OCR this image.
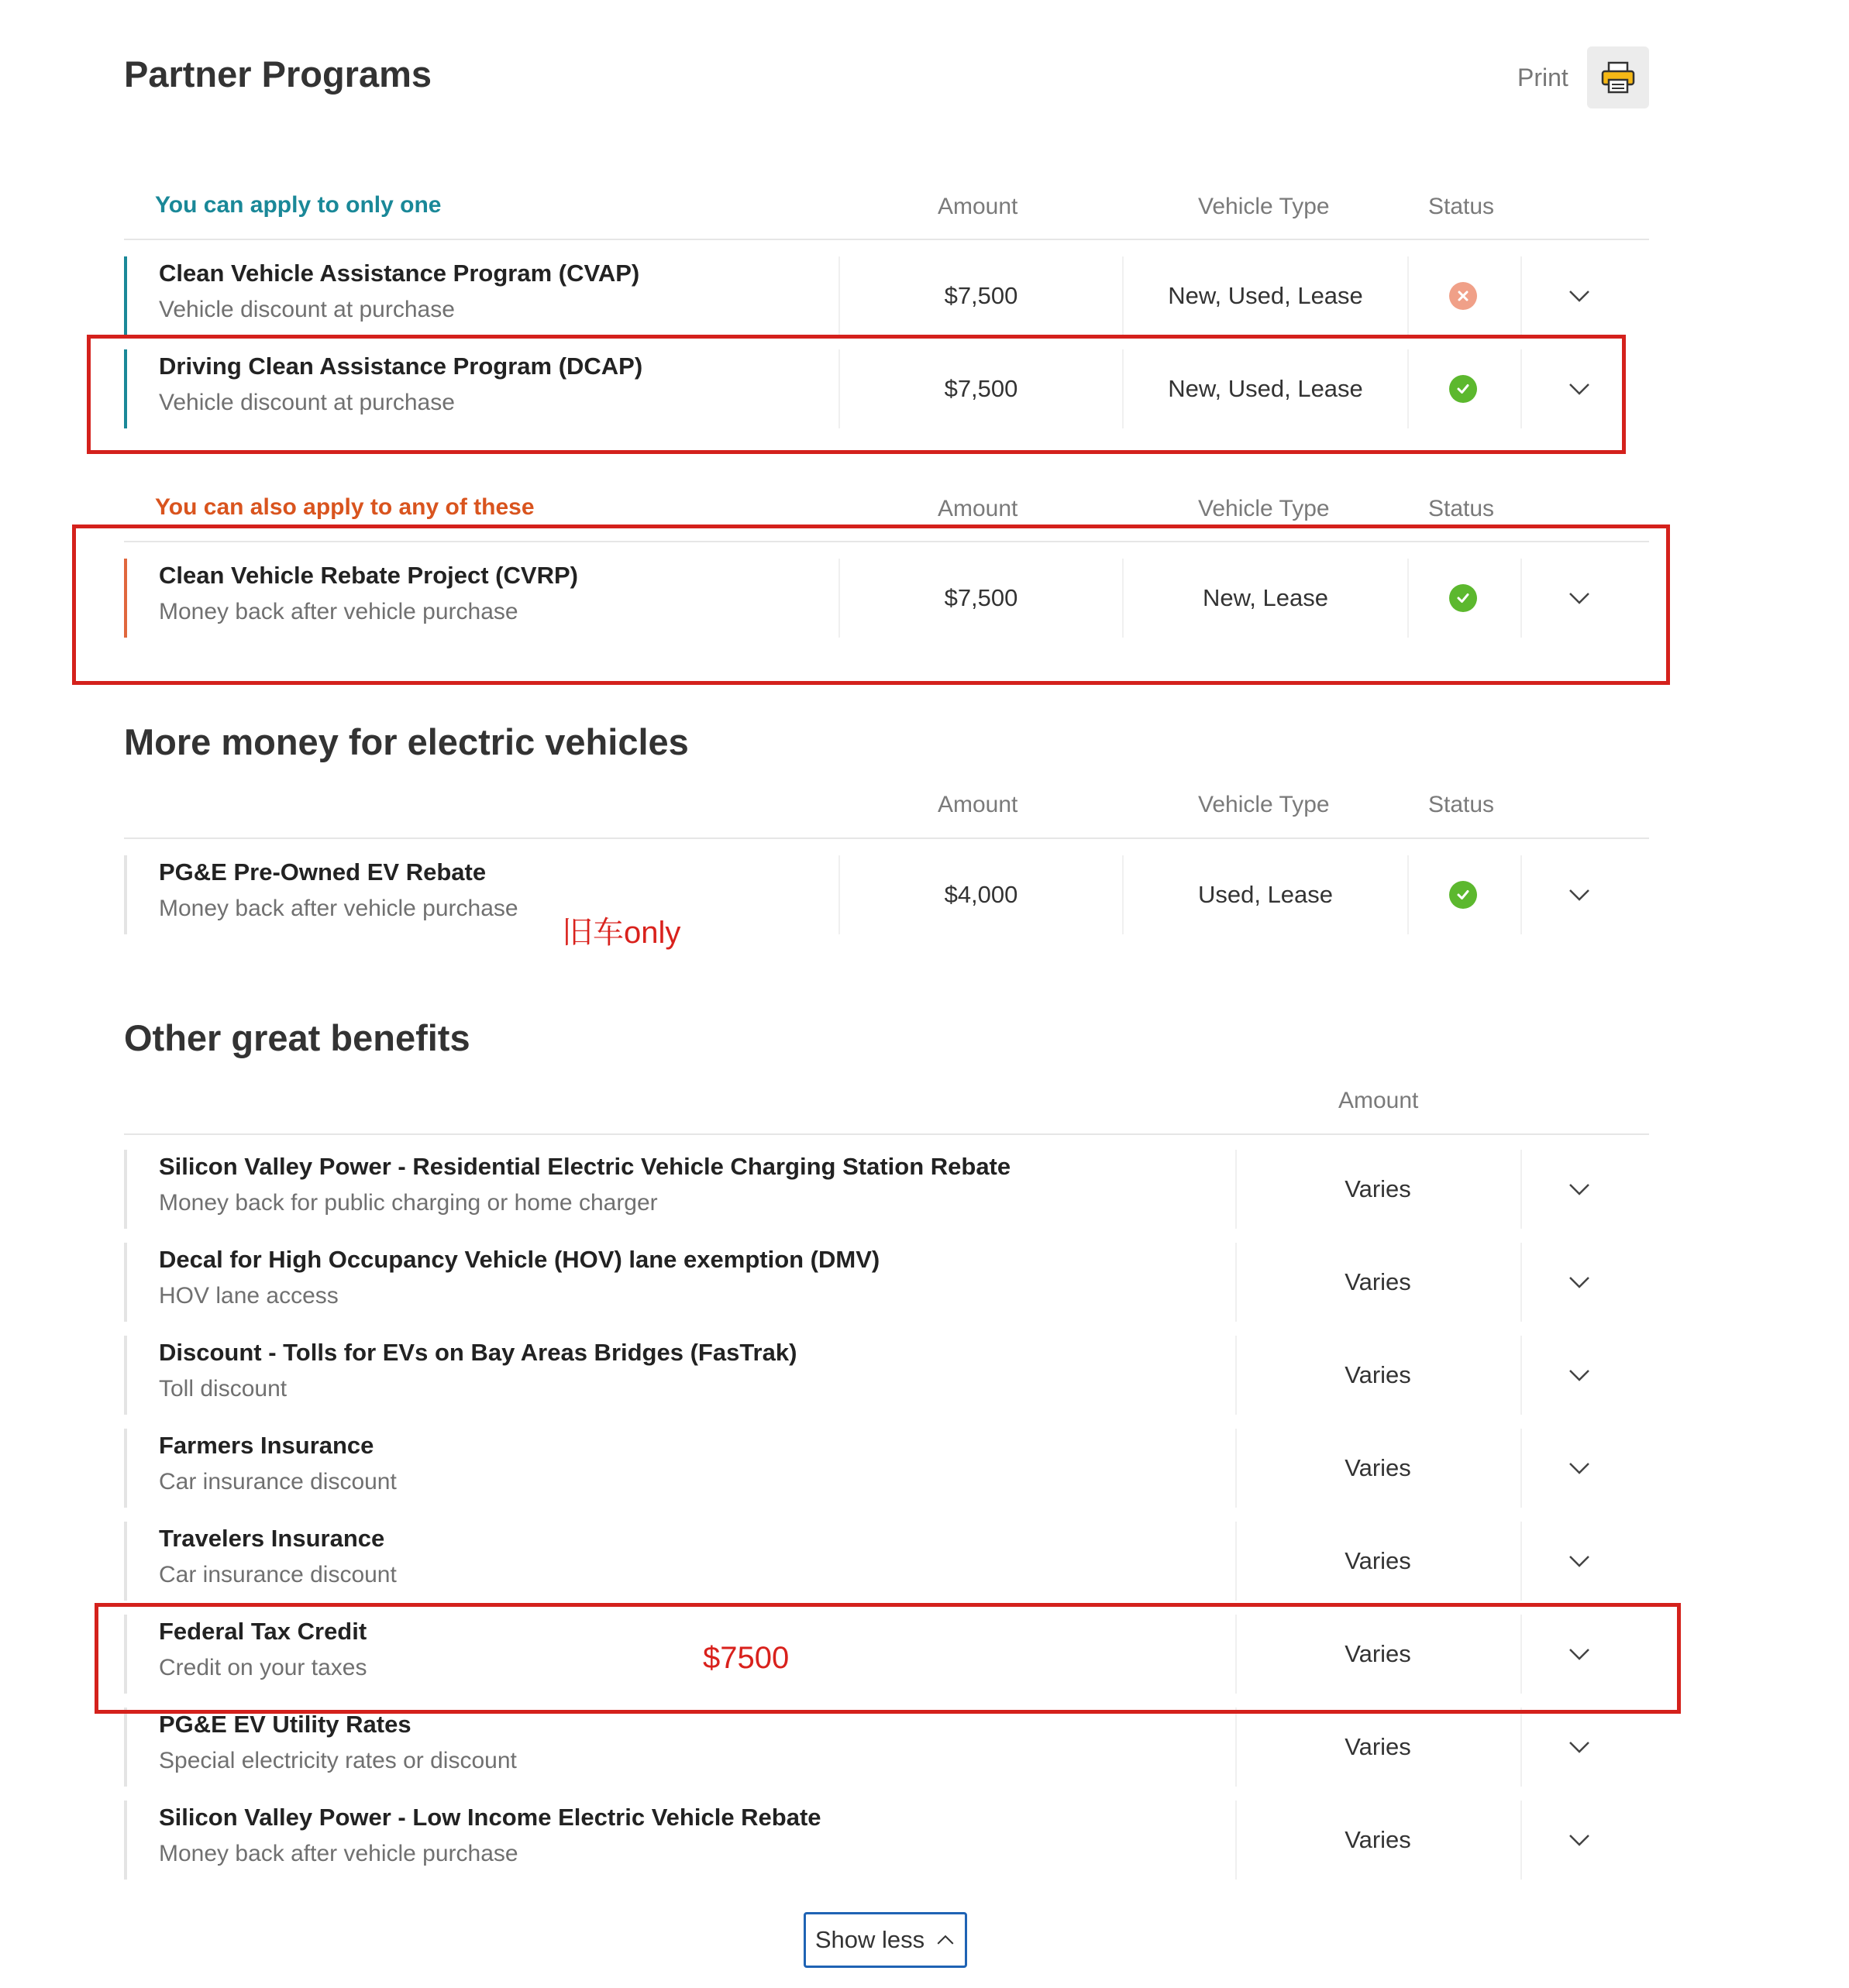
Partner Programs	Print
You can apply to only one	Amount	Vehicle Type	Status
Clean Vehicle Assistance Program (CVAP)
Vehicle discount at purchase
$7,500	New, Used, Lease
Driving Clean Assistance Program (DCAP)
Vehicle discount at purchase
$7,500	New, Used, Lease
You can also apply to any of these	Amount	Vehicle Type	Status
Clean Vehicle Rebate Project (CVRP)
Money back after vehicle purchase
$7,500	New, Lease
More money for electric vehicles
Amount	Vehicle Type	Status
PG&E Pre-Owned EV Rebate
Money back after vehicle purchase
$4,000	Used, Lease
旧车only
Other great benefits
Amount
Silicon Valley Power - Residential Electric Vehicle Charging Station Rebate
Money back for public charging or home charger
Varies
Decal for High Occupancy Vehicle (HOV) lane exemption (DMV)
HOV lane access
Varies
Discount - Tolls for EVs on Bay Areas Bridges (FasTrak)
Toll discount
Varies
Farmers Insurance
Car insurance discount
Varies
Travelers Insurance
Car insurance discount
Varies
Federal Tax Credit
Credit on your taxes
Varies
PG&E EV Utility Rates
Special electricity rates or discount
Varies
Silicon Valley Power - Low Income Electric Vehicle Rebate
Money back after vehicle purchase
Varies
$7500
Show less
